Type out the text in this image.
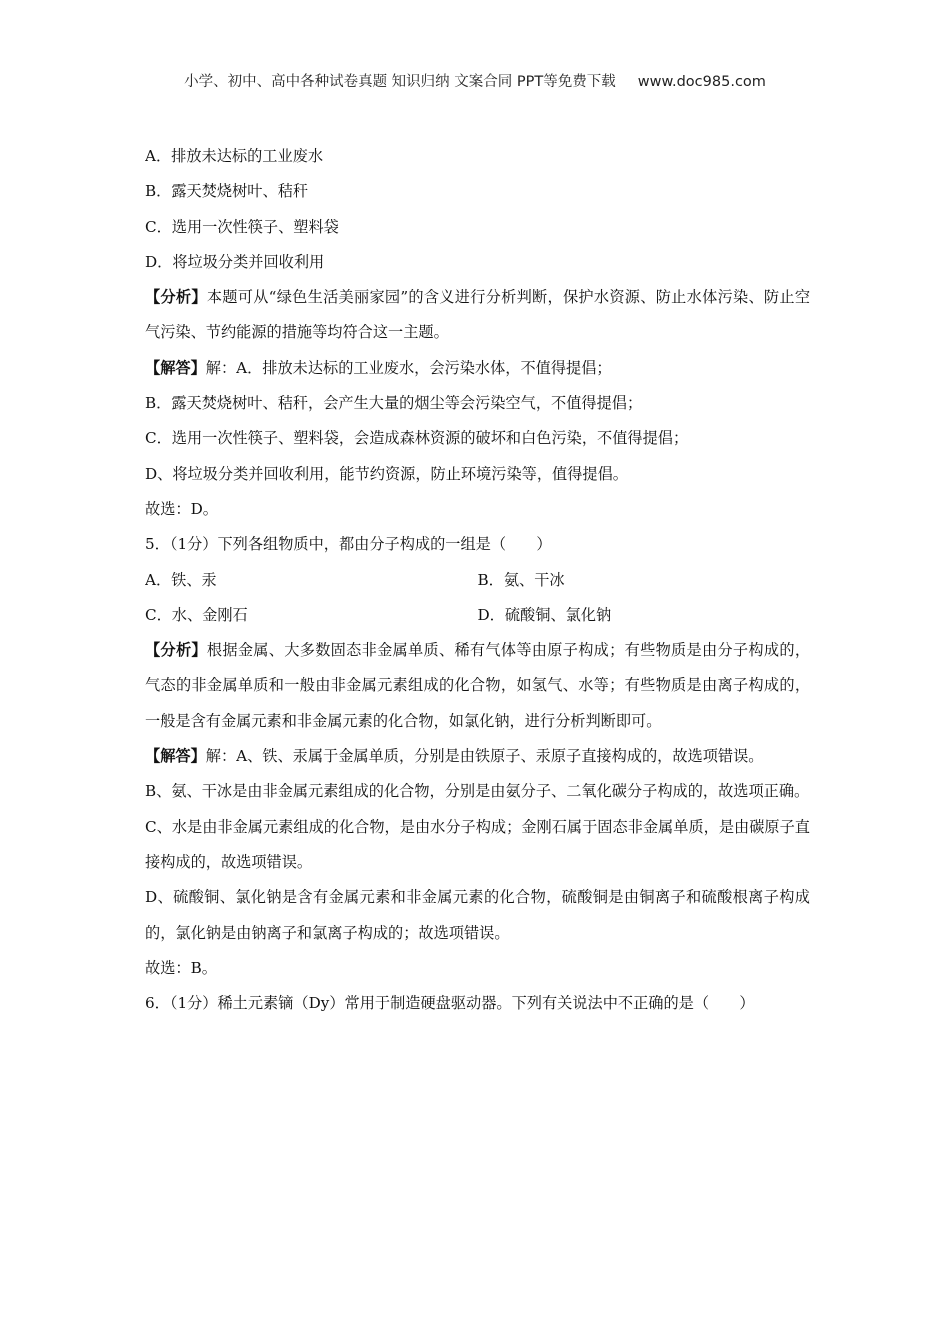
小学、初中、高中各种试卷真题 知识归纳 文案合同 PPT等免费下载 www.doc985.com
A．排放未达标的工业废水
B．露天焚烧树叶、秸秆
C．选用一次性筷子、塑料袋
D．将垃圾分类并回收利用
【分析】本题可从“绿色生活美丽家园”的含义进行分析判断，保护水资源、防止水体污染、防止空气污染、节约能源的措施等均符合这一主题。
【解答】解：A．排放未达标的工业废水，会污染水体，不值得提倡；
B．露天焚烧树叶、秸秆，会产生大量的烟尘等会污染空气，不值得提倡；
C．选用一次性筷子、塑料袋，会造成森林资源的破坏和白色污染，不值得提倡；
D、将垃圾分类并回收利用，能节约资源，防止环境污染等，值得提倡。
故选：D。
5．（1分）下列各组物质中，都由分子构成的一组是（　　）
A．铁、汞	B．氨、干冰
C．水、金刚石	D．硫酸铜、氯化钠
【分析】根据金属、大多数固态非金属单质、稀有气体等由原子构成；有些物质是由分子构成的，气态的非金属单质和一般由非金属元素组成的化合物，如氢气、水等；有些物质是由离子构成的，一般是含有金属元素和非金属元素的化合物，如氯化钠，进行分析判断即可。
【解答】解：A、铁、汞属于金属单质，分别是由铁原子、汞原子直接构成的，故选项错误。
B、氨、干冰是由非金属元素组成的化合物，分别是由氨分子、二氧化碳分子构成的，故选项正确。
C、水是由非金属元素组成的化合物，是由水分子构成；金刚石属于固态非金属单质，是由碳原子直接构成的，故选项错误。
D、硫酸铜、氯化钠是含有金属元素和非金属元素的化合物，硫酸铜是由铜离子和硫酸根离子构成的，氯化钠是由钠离子和氯离子构成的；故选项错误。
故选：B。
6．（1分）稀土元素镝（Dy）常用于制造硬盘驱动器。下列有关说法中不正确的是（　　）
